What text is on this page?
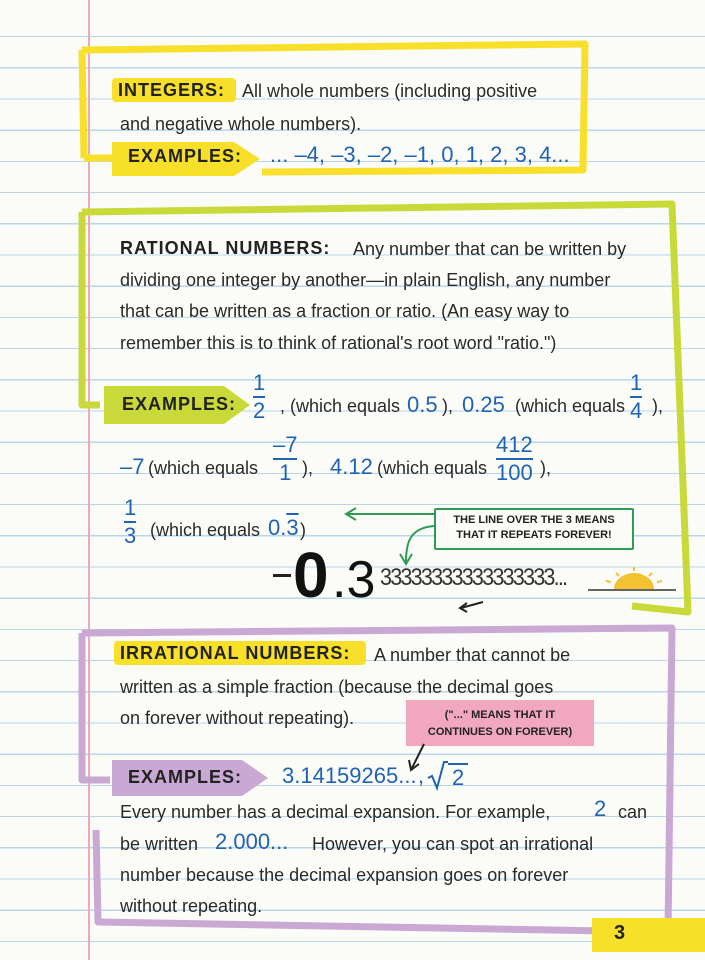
INTEGERS: All whole numbers (including positive
and negative whole numbers).
EXAMPLES: ... –4, –3, –2, –1, 0, 1, 2, 3, 4...
RATIONAL NUMBERS: Any number that can be written by
dividing one integer by another—in plain English, any number
that can be written as a fraction or ratio. (An easy way to
remember this is to think of rational's root word "ratio.")
EXAMPLES:
1
2 , (which equals 0.5 ), 0.25 (which equals
1
4 ),
–7 (which equals
–7
1 ), 4.12 (which equals
412
100 ),
1
3 (which equals 0.3 )	THE LINE OVER THE 3 MEANS
THAT IT REPEATS FOREVER!
0 .3 33333333333333333...
IRRATIONAL NUMBERS: A number that cannot be
written as a simple fraction (because the decimal goes
on forever without repeating).	("..." MEANS THAT IT
CONTINUES ON FOREVER)
EXAMPLES: 3.14159265... , 2
Every number has a decimal expansion. For example, 2 can
be written 2.000... However, you can spot an irrational
number because the decimal expansion goes on forever
without repeating.
3
